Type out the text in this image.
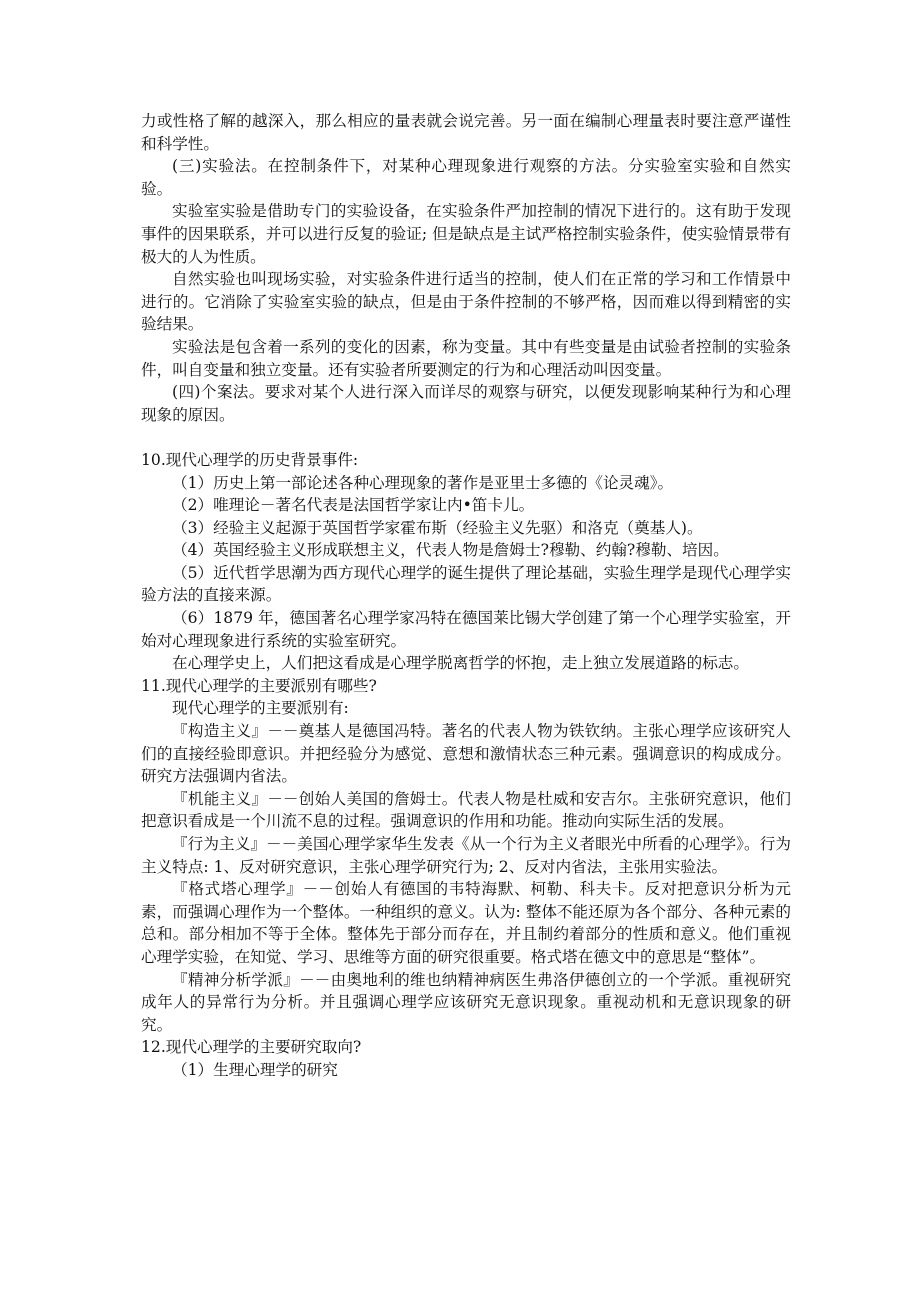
力或性格了解的越深入，那么相应的量表就会说完善。另一面在编制心理量表时要注意严谨性和科学性。

(三)实验法。在控制条件下，对某种心理现象进行观察的方法。分实验室实验和自然实验。

实验室实验是借助专门的实验设备，在实验条件严加控制的情况下进行的。这有助于发现事件的因果联系，并可以进行反复的验证; 但是缺点是主试严格控制实验条件，使实验情景带有极大的人为性质。

自然实验也叫现场实验，对实验条件进行适当的控制，使人们在正常的学习和工作情景中进行的。它消除了实验室实验的缺点，但是由于条件控制的不够严格，因而难以得到精密的实验结果。

实验法是包含着一系列的变化的因素，称为变量。其中有些变量是由试验者控制的实验条件，叫自变量和独立变量。还有实验者所要测定的行为和心理活动叫因变量。

(四)个案法。要求对某个人进行深入而详尽的观察与研究，以便发现影响某种行为和心理现象的原因。

10.现代心理学的历史背景事件:

（1）历史上第一部论述各种心理现象的著作是亚里士多德的《论灵魂》。

（2）唯理论－著名代表是法国哲学家让内•笛卡儿。

（3）经验主义起源于英国哲学家霍布斯（经验主义先驱）和洛克（奠基人)。

（4）英国经验主义形成联想主义，代表人物是詹姆士?穆勒、约翰?穆勒、培因。

（5）近代哲学思潮为西方现代心理学的诞生提供了理论基础，实验生理学是现代心理学实验方法的直接来源。

（6）1879 年，德国著名心理学家冯特在德国莱比锡大学创建了第一个心理学实验室，开始对心理现象进行系统的实验室研究。

在心理学史上，人们把这看成是心理学脱离哲学的怀抱，走上独立发展道路的标志。

11.现代心理学的主要派别有哪些?

现代心理学的主要派别有:

『构造主义』－－奠基人是德国冯特。著名的代表人物为铁钦纳。主张心理学应该研究人们的直接经验即意识。并把经验分为感觉、意想和激情状态三种元素。强调意识的构成成分。研究方法强调内省法。

『机能主义』－－创始人美国的詹姆士。代表人物是杜威和安吉尔。主张研究意识，他们把意识看成是一个川流不息的过程。强调意识的作用和功能。推动向实际生活的发展。

『行为主义』－－美国心理学家华生发表《从一个行为主义者眼光中所看的心理学》。行为主义特点: 1、反对研究意识，主张心理学研究行为; 2、反对内省法，主张用实验法。

『格式塔心理学』－－创始人有德国的韦特海默、柯勒、科夫卡。反对把意识分析为元素，而强调心理作为一个整体。一种组织的意义。认为: 整体不能还原为各个部分、各种元素的总和。部分相加不等于全体。整体先于部分而存在，并且制约着部分的性质和意义。他们重视心理学实验，在知觉、学习、思维等方面的研究很重要。格式塔在德文中的意思是“整体”。

『精神分析学派』－－由奥地利的维也纳精神病医生弗洛伊德创立的一个学派。重视研究成年人的异常行为分析。并且强调心理学应该研究无意识现象。重视动机和无意识现象的研究。

12.现代心理学的主要研究取向?

（1）生理心理学的研究
